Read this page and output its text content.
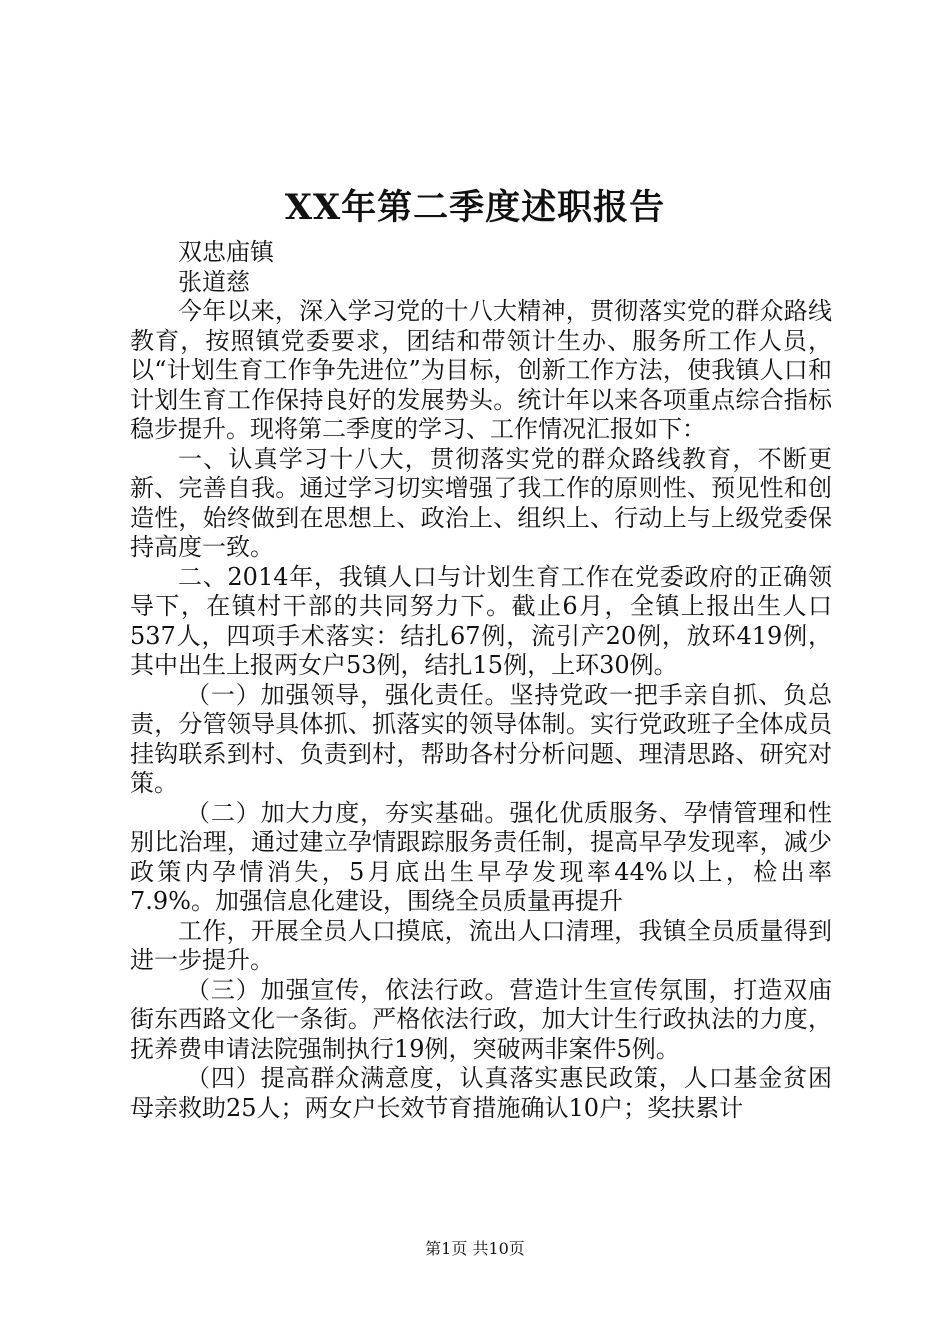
XX年第二季度述职报告

双忠庙镇

张道慈

今年以来，深入学习党的十八大精神，贯彻落实党的群众路线教育，按照镇党委要求，团结和带领计生办、服务所工作人员，以“计划生育工作争先进位”为目标，创新工作方法，使我镇人口和计划生育工作保持良好的发展势头。统计年以来各项重点综合指标稳步提升。现将第二季度的学习、工作情况汇报如下：

一、认真学习十八大，贯彻落实党的群众路线教育，不断更新、完善自我。通过学习切实增强了我工作的原则性、预见性和创造性，始终做到在思想上、政治上、组织上、行动上与上级党委保持高度一致。

二、2014年，我镇人口与计划生育工作在党委政府的正确领导下，在镇村干部的共同努力下。截止6月，全镇上报出生人口537人，四项手术落实：结扎67例，流引产20例，放环419例，其中出生上报两女户53例，结扎15例，上环30例。

（一）加强领导，强化责任。坚持党政一把手亲自抓、负总责，分管领导具体抓、抓落实的领导体制。实行党政班子全体成员挂钩联系到村、负责到村，帮助各村分析问题、理清思路、研究对策。

（二）加大力度，夯实基础。强化优质服务、孕情管理和性别比治理，通过建立孕情跟踪服务责任制，提高早孕发现率，减少政策内孕情消失，5月底出生早孕发现率44%以上，检出率7.9%。加强信息化建设，围绕全员质量再提升

工作，开展全员人口摸底，流出人口清理，我镇全员质量得到进一步提升。

（三）加强宣传，依法行政。营造计生宣传氛围，打造双庙街东西路文化一条街。严格依法行政，加大计生行政执法的力度，抚养费申请法院强制执行19例，突破两非案件5例。

（四）提高群众满意度，认真落实惠民政策，人口基金贫困母亲救助25人；两女户长效节育措施确认10户；奖扶累计

第1页 共10页
